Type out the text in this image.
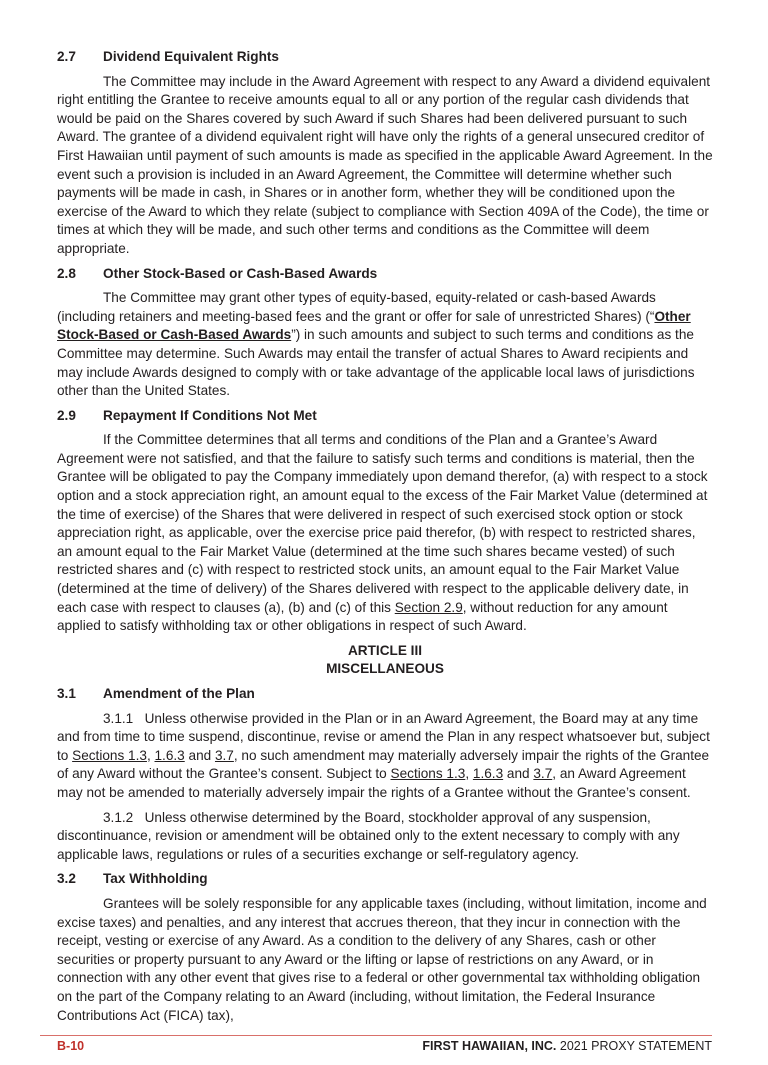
2.7	Dividend Equivalent Rights

The Committee may include in the Award Agreement with respect to any Award a dividend equivalent right entitling the Grantee to receive amounts equal to all or any portion of the regular cash dividends that would be paid on the Shares covered by such Award if such Shares had been delivered pursuant to such Award. The grantee of a dividend equivalent right will have only the rights of a general unsecured creditor of First Hawaiian until payment of such amounts is made as specified in the applicable Award Agreement. In the event such a provision is included in an Award Agreement, the Committee will determine whether such payments will be made in cash, in Shares or in another form, whether they will be conditioned upon the exercise of the Award to which they relate (subject to compliance with Section 409A of the Code), the time or times at which they will be made, and such other terms and conditions as the Committee will deem appropriate.

2.8	Other Stock-Based or Cash-Based Awards

The Committee may grant other types of equity-based, equity-related or cash-based Awards (including retainers and meeting-based fees and the grant or offer for sale of unrestricted Shares) (“Other Stock-Based or Cash-Based Awards”) in such amounts and subject to such terms and conditions as the Committee may determine. Such Awards may entail the transfer of actual Shares to Award recipients and may include Awards designed to comply with or take advantage of the applicable local laws of jurisdictions other than the United States.

2.9	Repayment If Conditions Not Met

If the Committee determines that all terms and conditions of the Plan and a Grantee’s Award Agreement were not satisfied, and that the failure to satisfy such terms and conditions is material, then the Grantee will be obligated to pay the Company immediately upon demand therefor, (a) with respect to a stock option and a stock appreciation right, an amount equal to the excess of the Fair Market Value (determined at the time of exercise) of the Shares that were delivered in respect of such exercised stock option or stock appreciation right, as applicable, over the exercise price paid therefor, (b) with respect to restricted shares, an amount equal to the Fair Market Value (determined at the time such shares became vested) of such restricted shares and (c) with respect to restricted stock units, an amount equal to the Fair Market Value (determined at the time of delivery) of the Shares delivered with respect to the applicable delivery date, in each case with respect to clauses (a), (b) and (c) of this Section 2.9, without reduction for any amount applied to satisfy withholding tax or other obligations in respect of such Award.

ARTICLE III
MISCELLANEOUS
3.1	Amendment of the Plan

3.1.1   Unless otherwise provided in the Plan or in an Award Agreement, the Board may at any time and from time to time suspend, discontinue, revise or amend the Plan in any respect whatsoever but, subject to Sections 1.3, 1.6.3 and 3.7, no such amendment may materially adversely impair the rights of the Grantee of any Award without the Grantee’s consent. Subject to Sections 1.3, 1.6.3 and 3.7, an Award Agreement may not be amended to materially adversely impair the rights of a Grantee without the Grantee’s consent.

3.1.2   Unless otherwise determined by the Board, stockholder approval of any suspension, discontinuance, revision or amendment will be obtained only to the extent necessary to comply with any applicable laws, regulations or rules of a securities exchange or self-regulatory agency.

3.2	Tax Withholding

Grantees will be solely responsible for any applicable taxes (including, without limitation, income and excise taxes) and penalties, and any interest that accrues thereon, that they incur in connection with the receipt, vesting or exercise of any Award. As a condition to the delivery of any Shares, cash or other securities or property pursuant to any Award or the lifting or lapse of restrictions on any Award, or in connection with any other event that gives rise to a federal or other governmental tax withholding obligation on the part of the Company relating to an Award (including, without limitation, the Federal Insurance Contributions Act (FICA) tax),

B-10	FIRST HAWAIIAN, INC. 2021 PROXY STATEMENT
